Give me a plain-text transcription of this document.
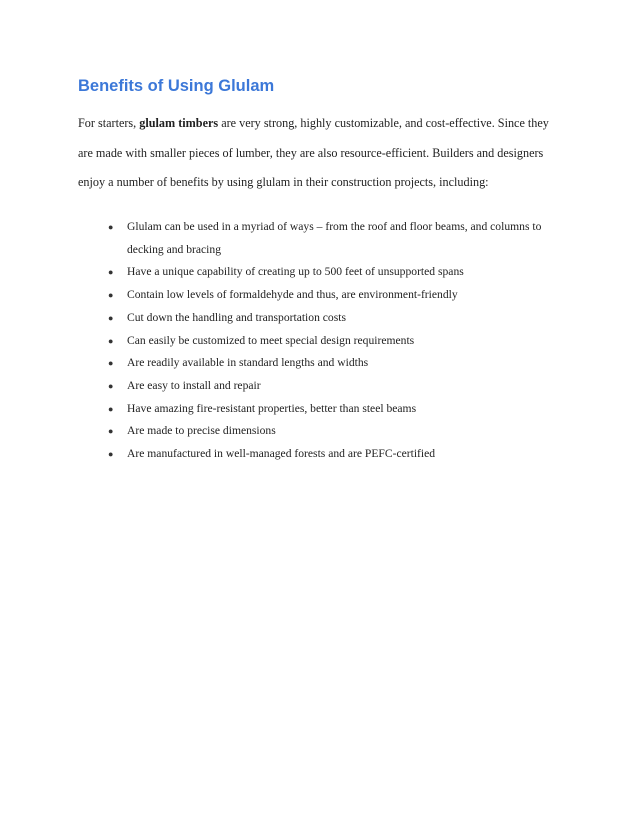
Benefits of Using Glulam

For starters, glulam timbers are very strong, highly customizable, and cost-effective. Since they
are made with smaller pieces of lumber, they are also resource-efficient. Builders and designers
enjoy a number of benefits by using glulam in their construction projects, including:

● Glulam can be used in a myriad of ways – from the roof and floor beams, and columns to
decking and bracing
● Have a unique capability of creating up to 500 feet of unsupported spans
● Contain low levels of formaldehyde and thus, are environment-friendly
● Cut down the handling and transportation costs
● Can easily be customized to meet special design requirements
● Are readily available in standard lengths and widths
● Are easy to install and repair
● Have amazing fire-resistant properties, better than steel beams
● Are made to precise dimensions
● Are manufactured in well-managed forests and are PEFC-certified
